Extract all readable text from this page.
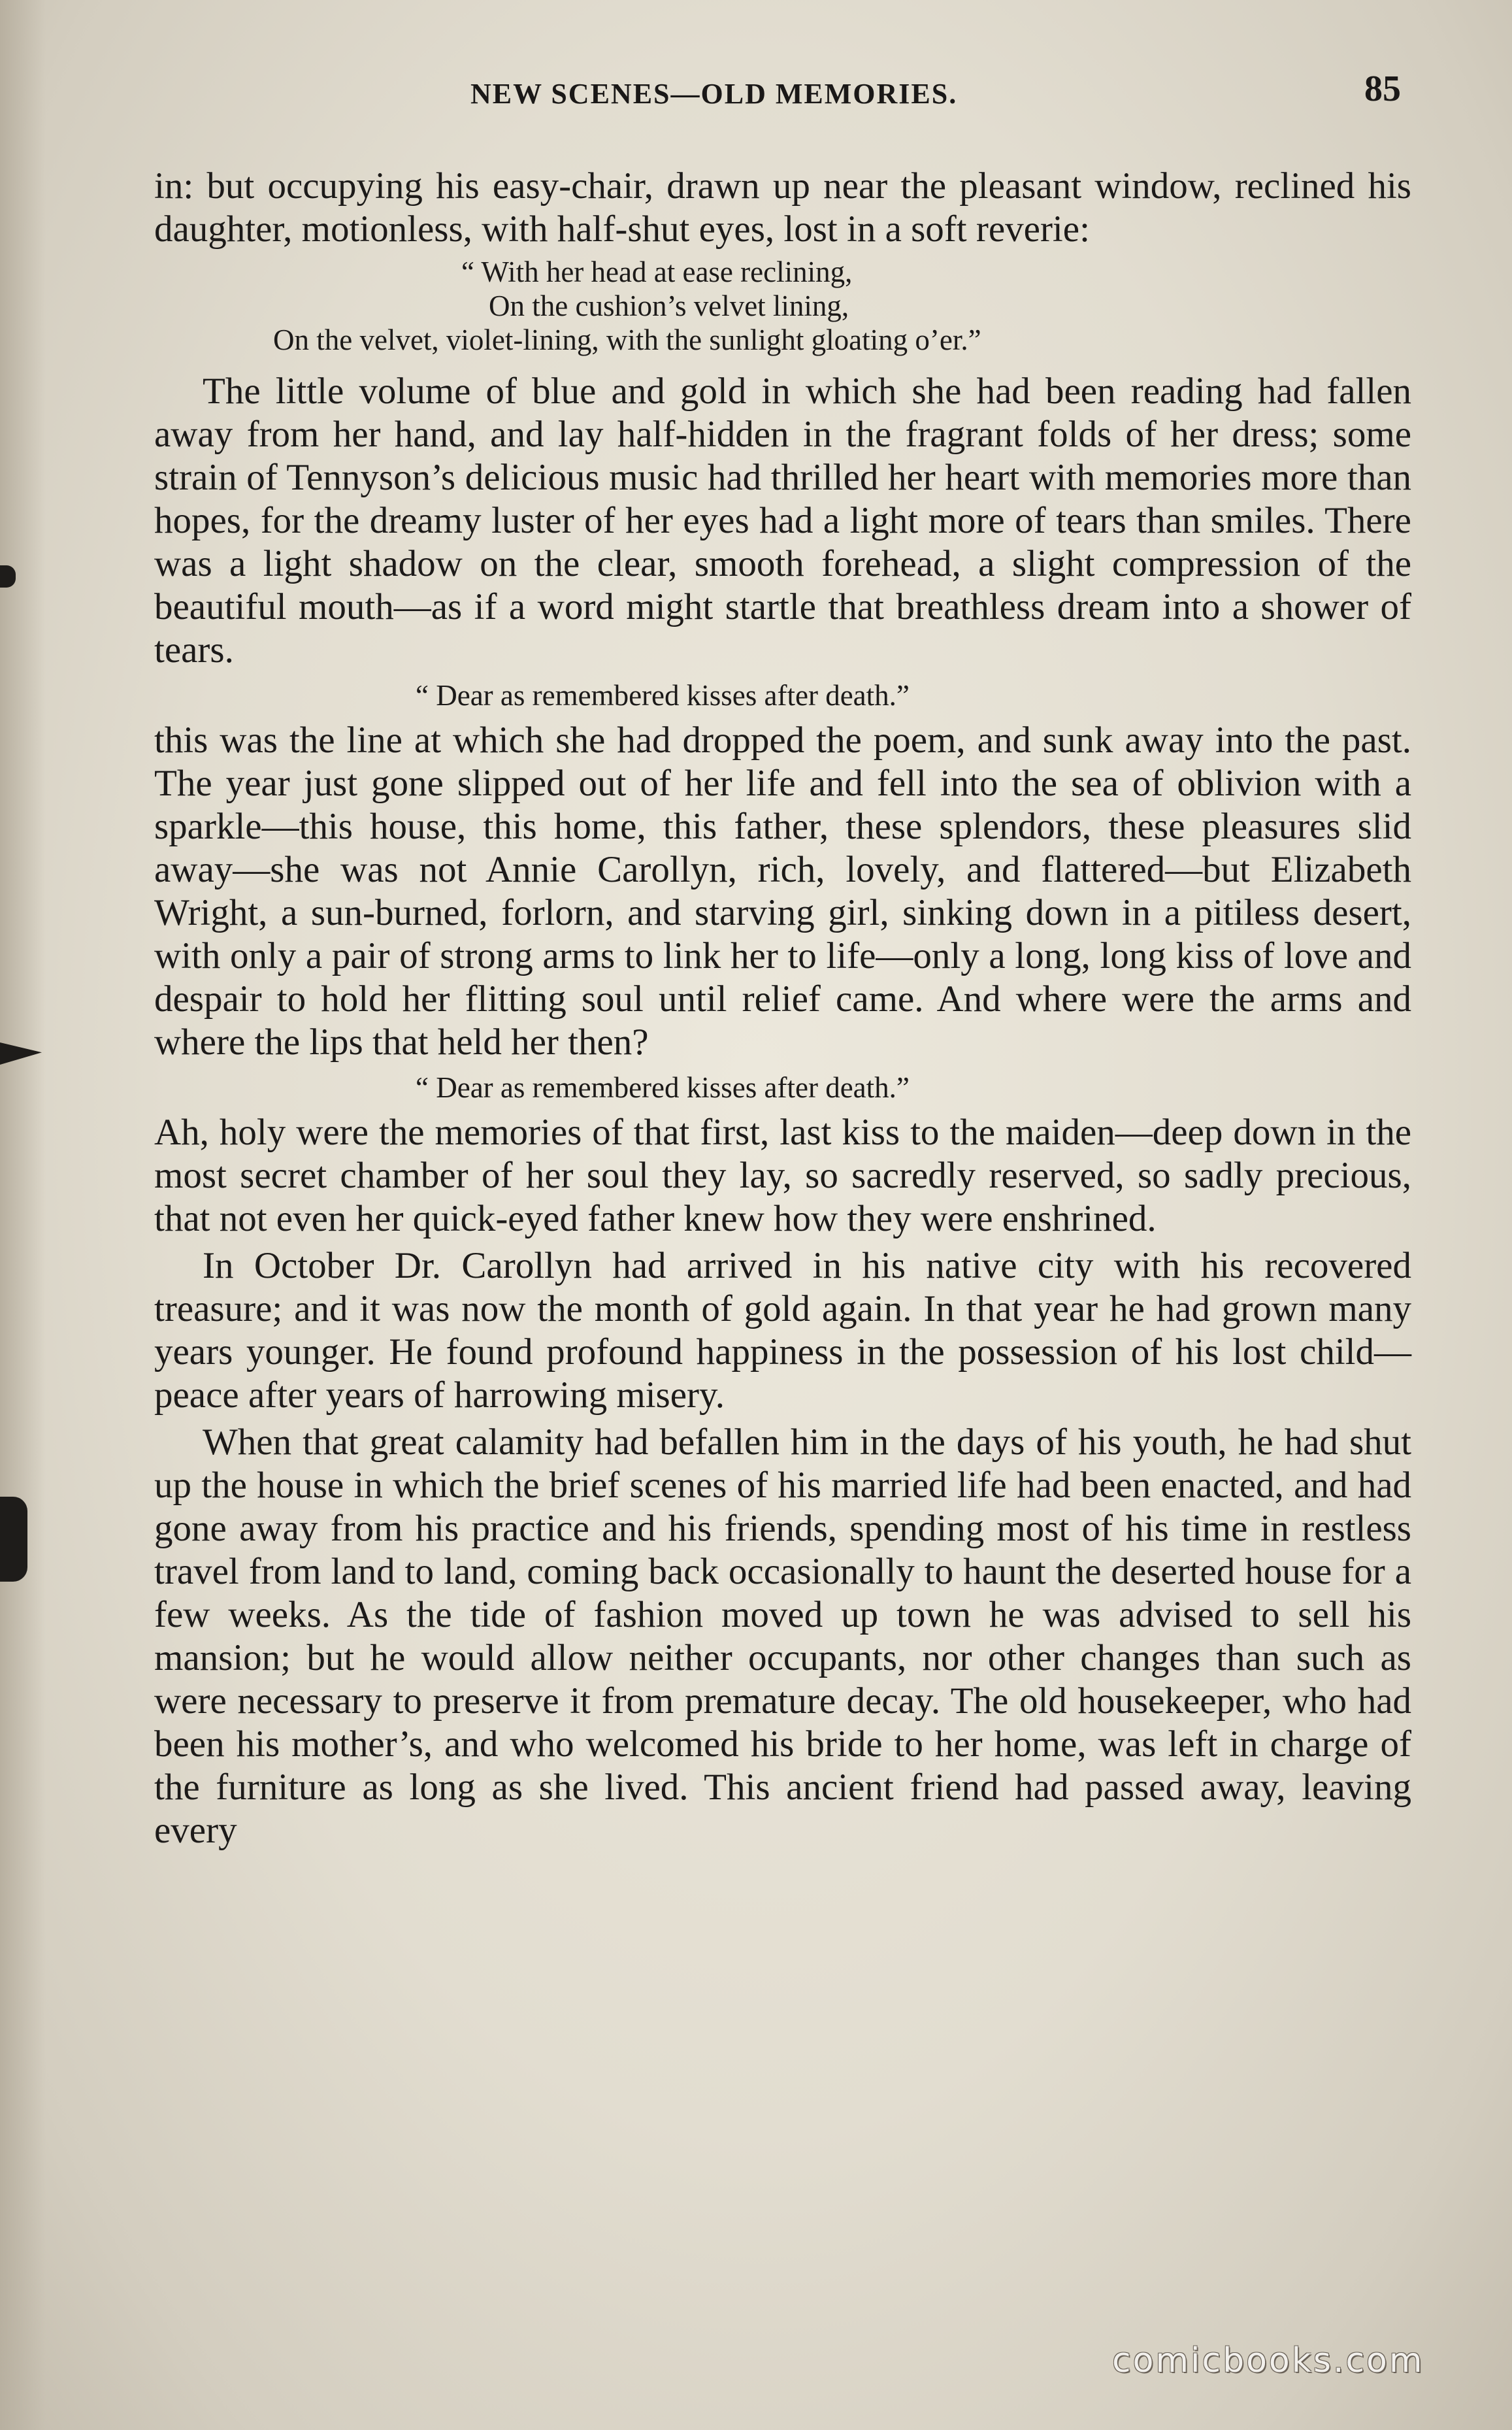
NEW SCENES—OLD MEMORIES.	85

in: but occupying his easy-chair, drawn up near the pleasant window, reclined his daughter, motionless, with half-shut eyes, lost in a soft reverie:

“ With her head at ease reclining,
On the cushion’s velvet lining,
On the velvet, violet-lining, with the sunlight gloating o’er.”

The little volume of blue and gold in which she had been reading had fallen away from her hand, and lay half-hidden in the fragrant folds of her dress; some strain of Tennyson’s delicious music had thrilled her heart with memories more than hopes, for the dreamy luster of her eyes had a light more of tears than smiles. There was a light shadow on the clear, smooth forehead, a slight compression of the beautiful mouth—as if a word might startle that breathless dream into a shower of tears.

“ Dear as remembered kisses after death.”

this was the line at which she had dropped the poem, and sunk away into the past. The year just gone slipped out of her life and fell into the sea of oblivion with a sparkle—this house, this home, this father, these splendors, these pleasures slid away—she was not Annie Carollyn, rich, lovely, and flattered—but Elizabeth Wright, a sun-burned, forlorn, and starving girl, sinking down in a pitiless desert, with only a pair of strong arms to link her to life—only a long, long kiss of love and despair to hold her flitting soul until relief came. And where were the arms and where the lips that held her then?

“ Dear as remembered kisses after death.”

Ah, holy were the memories of that first, last kiss to the maiden—deep down in the most secret chamber of her soul they lay, so sacredly reserved, so sadly precious, that not even her quick-eyed father knew how they were enshrined.

In October Dr. Carollyn had arrived in his native city with his recovered treasure; and it was now the month of gold again. In that year he had grown many years younger. He found profound happiness in the possession of his lost child—peace after years of harrowing misery.

When that great calamity had befallen him in the days of his youth, he had shut up the house in which the brief scenes of his married life had been enacted, and had gone away from his practice and his friends, spending most of his time in restless travel from land to land, coming back occasionally to haunt the deserted house for a few weeks. As the tide of fashion moved up town he was advised to sell his mansion; but he would allow neither occupants, nor other changes than such as were necessary to preserve it from premature decay. The old housekeeper, who had been his mother’s, and who welcomed his bride to her home, was left in charge of the furniture as long as she lived. This ancient friend had passed away, leaving every

comicbooks.com
